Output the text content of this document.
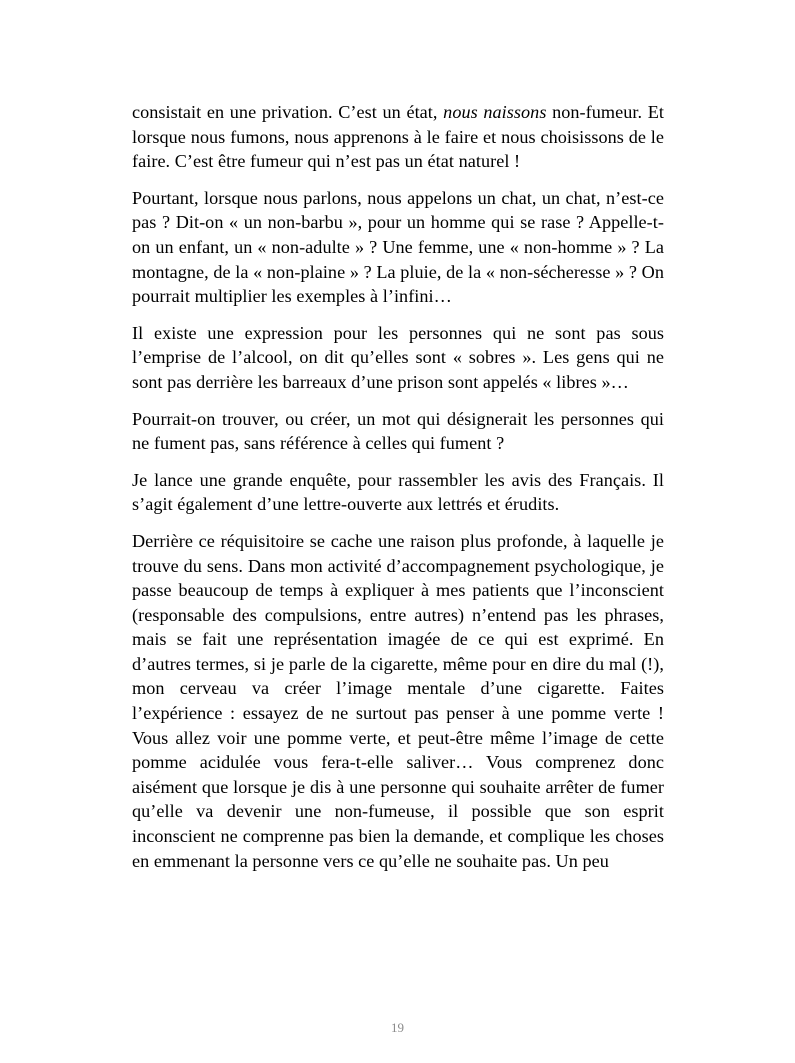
consistait en une privation. C’est un état, nous naissons non-fumeur. Et lorsque nous fumons, nous apprenons à le faire et nous choisissons de le faire. C’est être fumeur qui n’est pas un état naturel !

Pourtant, lorsque nous parlons, nous appelons un chat, un chat, n’est-ce pas ? Dit-on « un non-barbu », pour un homme qui se rase ? Appelle-t-on un enfant, un « non-adulte » ? Une femme, une « non-homme » ? La montagne, de la « non-plaine » ? La pluie, de la « non-sécheresse » ? On pourrait multiplier les exemples à l’infini…

Il existe une expression pour les personnes qui ne sont pas sous l’emprise de l’alcool, on dit qu’elles sont « sobres ». Les gens qui ne sont pas derrière les barreaux d’une prison sont appelés « libres »…

Pourrait-on trouver, ou créer, un mot qui désignerait les personnes qui ne fument pas, sans référence à celles qui fument ?

Je lance une grande enquête, pour rassembler les avis des Français. Il s’agit également d’une lettre-ouverte aux lettrés et érudits.

Derrière ce réquisitoire se cache une raison plus profonde, à laquelle je trouve du sens. Dans mon activité d’accompagnement psychologique, je passe beaucoup de temps à expliquer à mes patients que l’inconscient (responsable des compulsions, entre autres) n’entend pas les phrases, mais se fait une représentation imagée de ce qui est exprimé. En d’autres termes, si je parle de la cigarette, même pour en dire du mal (!), mon cerveau va créer l’image mentale d’une cigarette. Faites l’expérience : essayez de ne surtout pas penser à une pomme verte ! Vous allez voir une pomme verte, et peut-être même l’image de cette pomme acidulée vous fera-t-elle saliver… Vous comprenez donc aisément que lorsque je dis à une personne qui souhaite arrêter de fumer qu’elle va devenir une non-fumeuse, il possible que son esprit inconscient ne comprenne pas bien la demande, et complique les choses en emmenant la personne vers ce qu’elle ne souhaite pas. Un peu

19
